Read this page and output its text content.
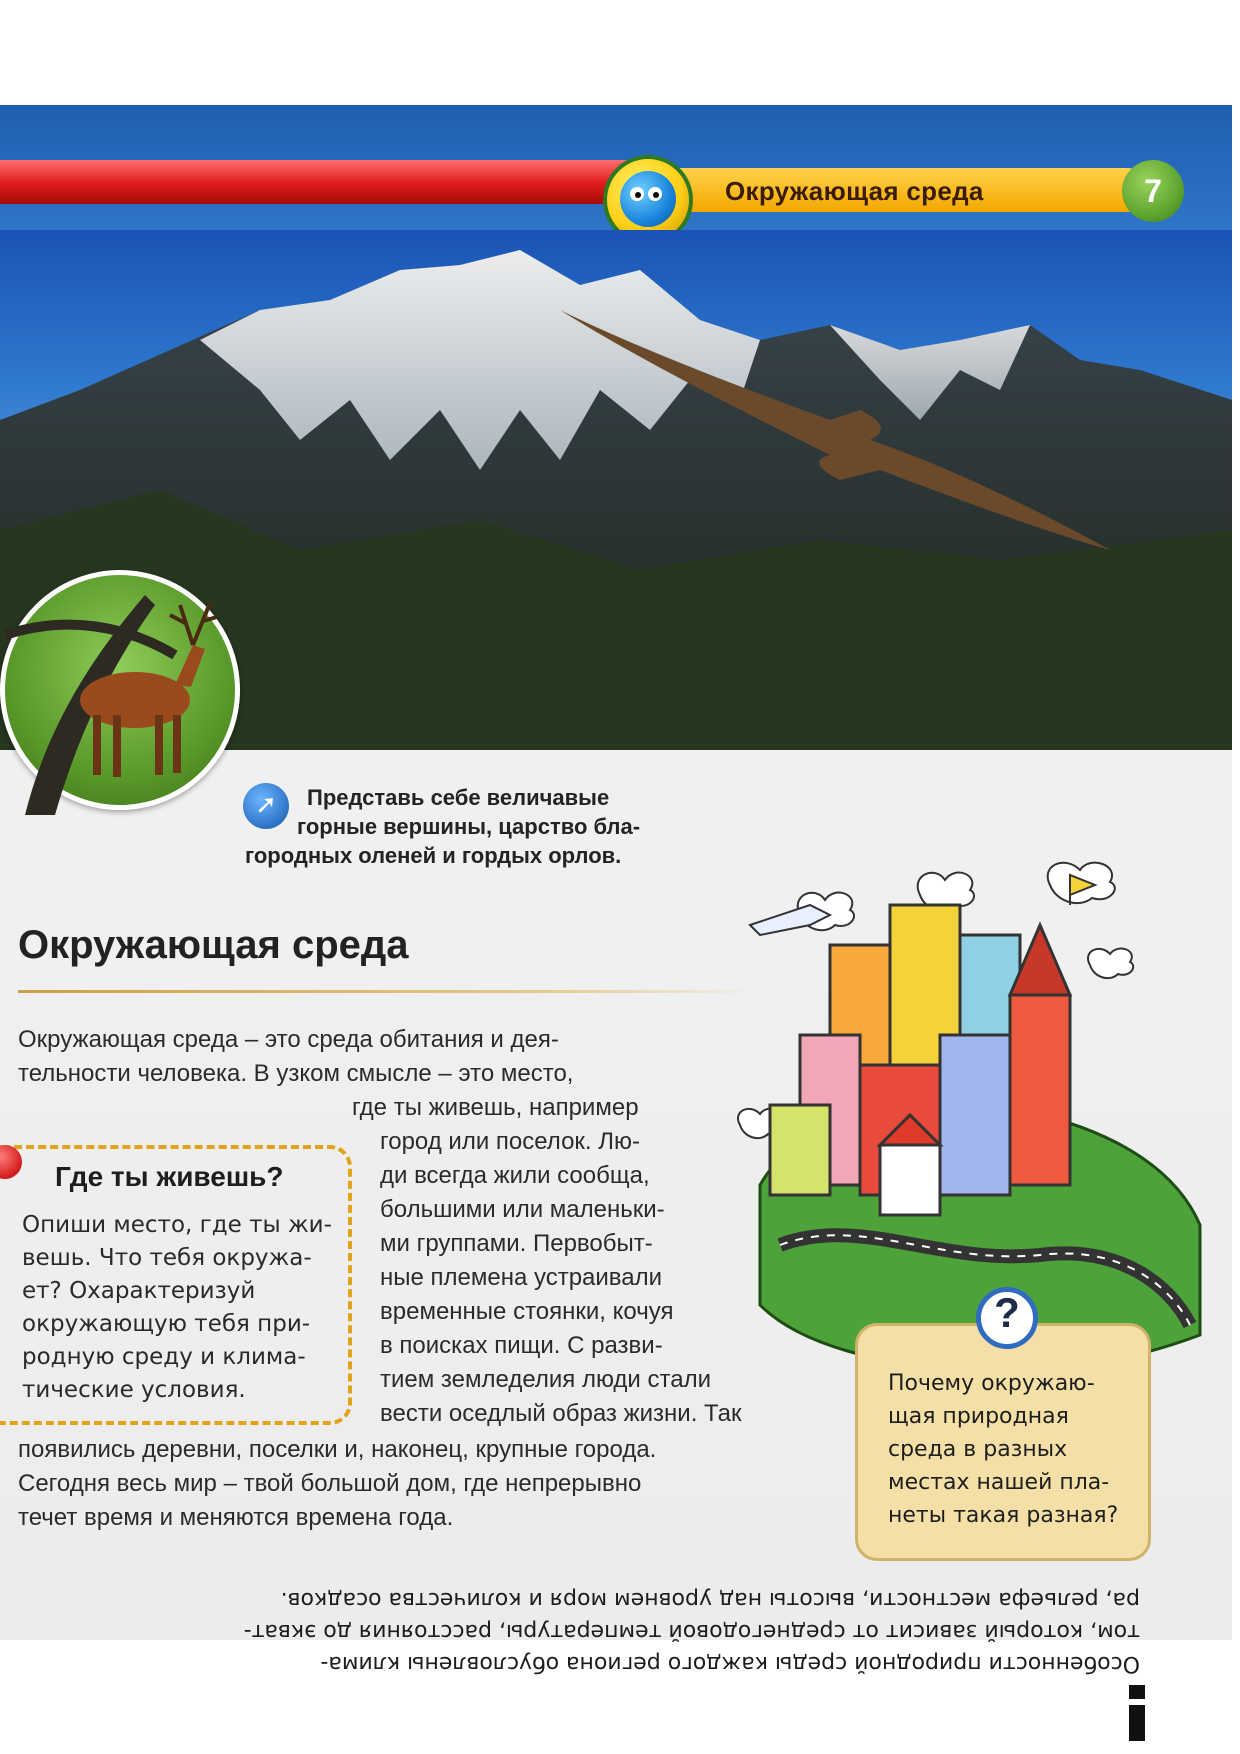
Окружающая среда	7
➚	Представь себе величавые
горные вершины, царство бла-
городных оленей и гордых орлов.
Окружающая среда
Окружающая среда – это среда обитания и дея-
тельности человека. В узком смысле – это место,
где ты живешь, например
город или поселок. Лю-
ди всегда жили сообща,
большими или маленьки-
ми группами. Первобыт-
ные племена устраивали
временные стоянки, кочуя
в поисках пищи. С разви-
тием земледелия люди стали
вести оседлый образ жизни. Так
появились деревни, поселки и, наконец, крупные города.
Сегодня весь мир – твой большой дом, где непрерывно
течет время и меняются времена года.
Где ты живешь?
Опиши место, где ты жи-
вешь. Что тебя окружа-
ет? Охарактеризуй
окружающую тебя при-
родную среду и клима-
тические условия.
?
Почему окружаю-
щая природная
среда в разных
местах нашей пла-
неты такая разная?
Особенности природной среды каждого региона обусловлены клима-
том, который зависит от среднегодовой температуры, расстояния до экват-
ра, рельефа местности, высоты над уровнем моря и количества осадков.
